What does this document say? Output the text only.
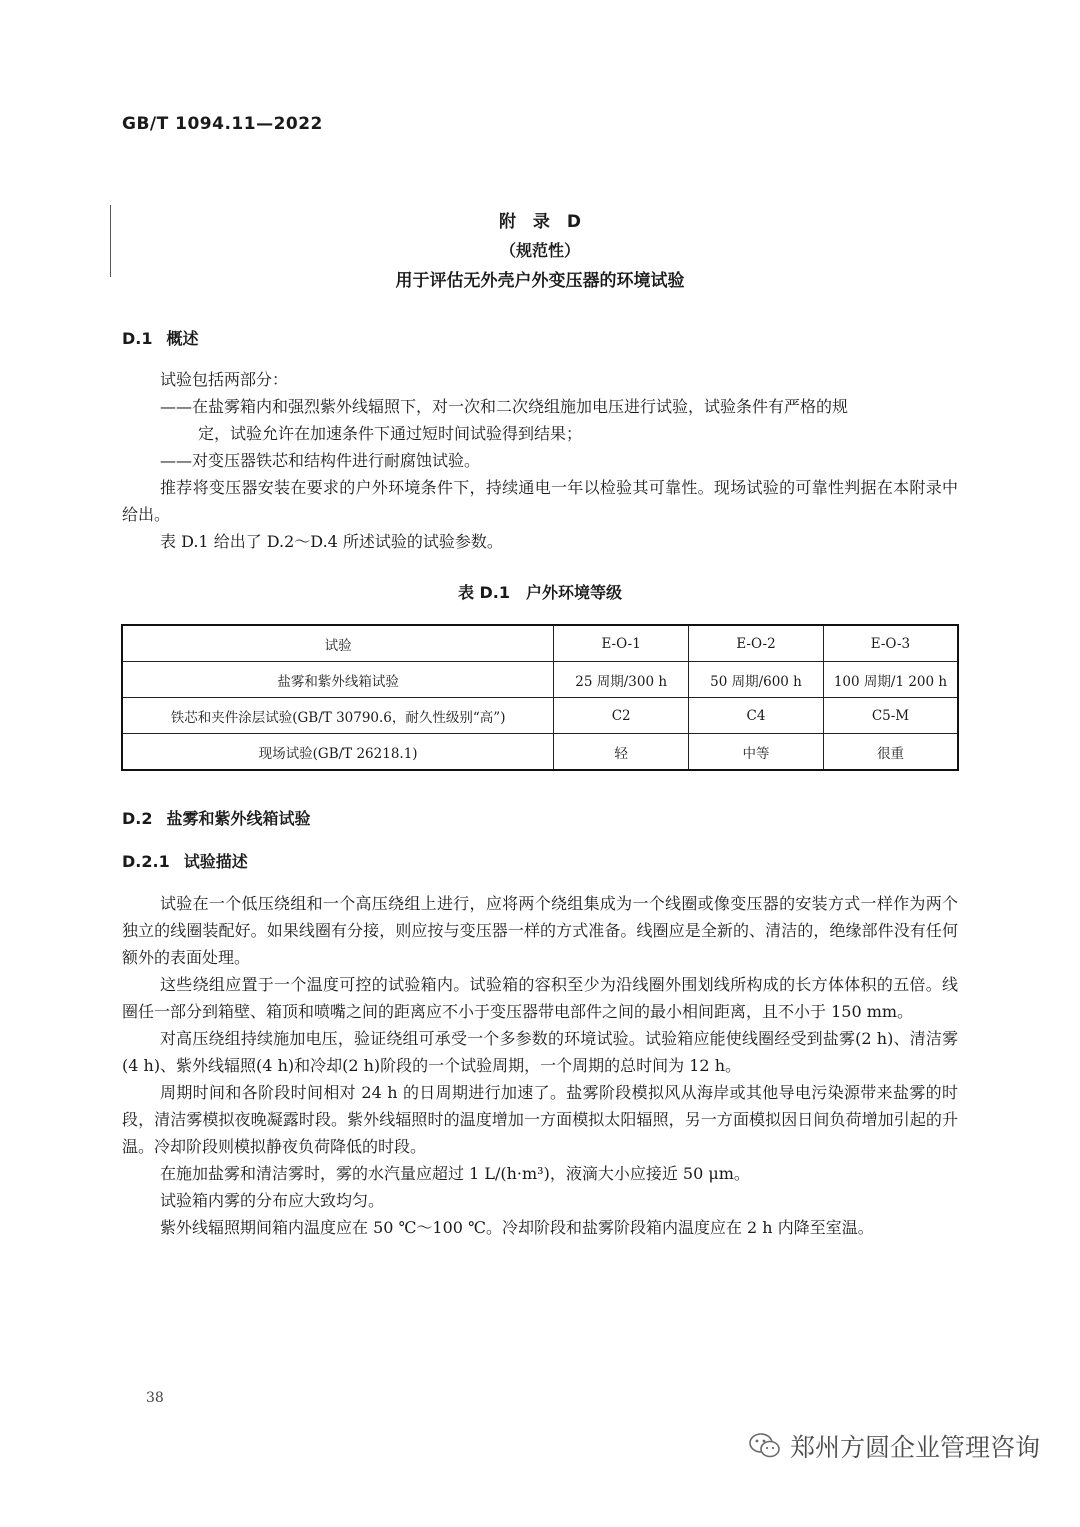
GB/T 1094.11—2022
附　录　D
（规范性）
用于评估无外壳户外变压器的环境试验
D.1 概述

试验包括两部分：

——在盐雾箱内和强烈紫外线辐照下，对一次和二次绕组施加电压进行试验，试验条件有严格的规

定，试验允许在加速条件下通过短时间试验得到结果；

——对变压器铁芯和结构件进行耐腐蚀试验。

推荐将变压器安装在要求的户外环境条件下，持续通电一年以检验其可靠性。现场试验的可靠性判据在本附录中给出。

表 D.1 给出了 D.2～D.4 所述试验的试验参数。

表 D.1　户外环境等级
试验	E-O-1	E-O-2	E-O-3
盐雾和紫外线箱试验	25 周期/300 h	50 周期/600 h	100 周期/1 200 h
铁芯和夹件涂层试验(GB/T 30790.6，耐久性级别“高”)	C2	C4	C5-M
现场试验(GB/T 26218.1)	轻	中等	很重
D.2 盐雾和紫外线箱试验
D.2.1 试验描述

试验在一个低压绕组和一个高压绕组上进行，应将两个绕组集成为一个线圈或像变压器的安装方式一样作为两个独立的线圈装配好。如果线圈有分接，则应按与变压器一样的方式准备。线圈应是全新的、清洁的，绝缘部件没有任何额外的表面处理。

这些绕组应置于一个温度可控的试验箱内。试验箱的容积至少为沿线圈外围划线所构成的长方体体积的五倍。线圈任一部分到箱壁、箱顶和喷嘴之间的距离应不小于变压器带电部件之间的最小相间距离，且不小于 150 mm。

对高压绕组持续施加电压，验证绕组可承受一个多参数的环境试验。试验箱应能使线圈经受到盐雾(2 h)、清洁雾(4 h)、紫外线辐照(4 h)和冷却(2 h)阶段的一个试验周期，一个周期的总时间为 12 h。

周期时间和各阶段时间相对 24 h 的日周期进行加速了。盐雾阶段模拟风从海岸或其他导电污染源带来盐雾的时段，清洁雾模拟夜晚凝露时段。紫外线辐照时的温度增加一方面模拟太阳辐照，另一方面模拟因日间负荷增加引起的升温。冷却阶段则模拟静夜负荷降低的时段。

在施加盐雾和清洁雾时，雾的水汽量应超过 1 L/(h·m³)，液滴大小应接近 50 μm。

试验箱内雾的分布应大致均匀。

紫外线辐照期间箱内温度应在 50 ℃～100 ℃。冷却阶段和盐雾阶段箱内温度应在 2 h 内降至室温。

38
郑州方圆企业管理咨询
